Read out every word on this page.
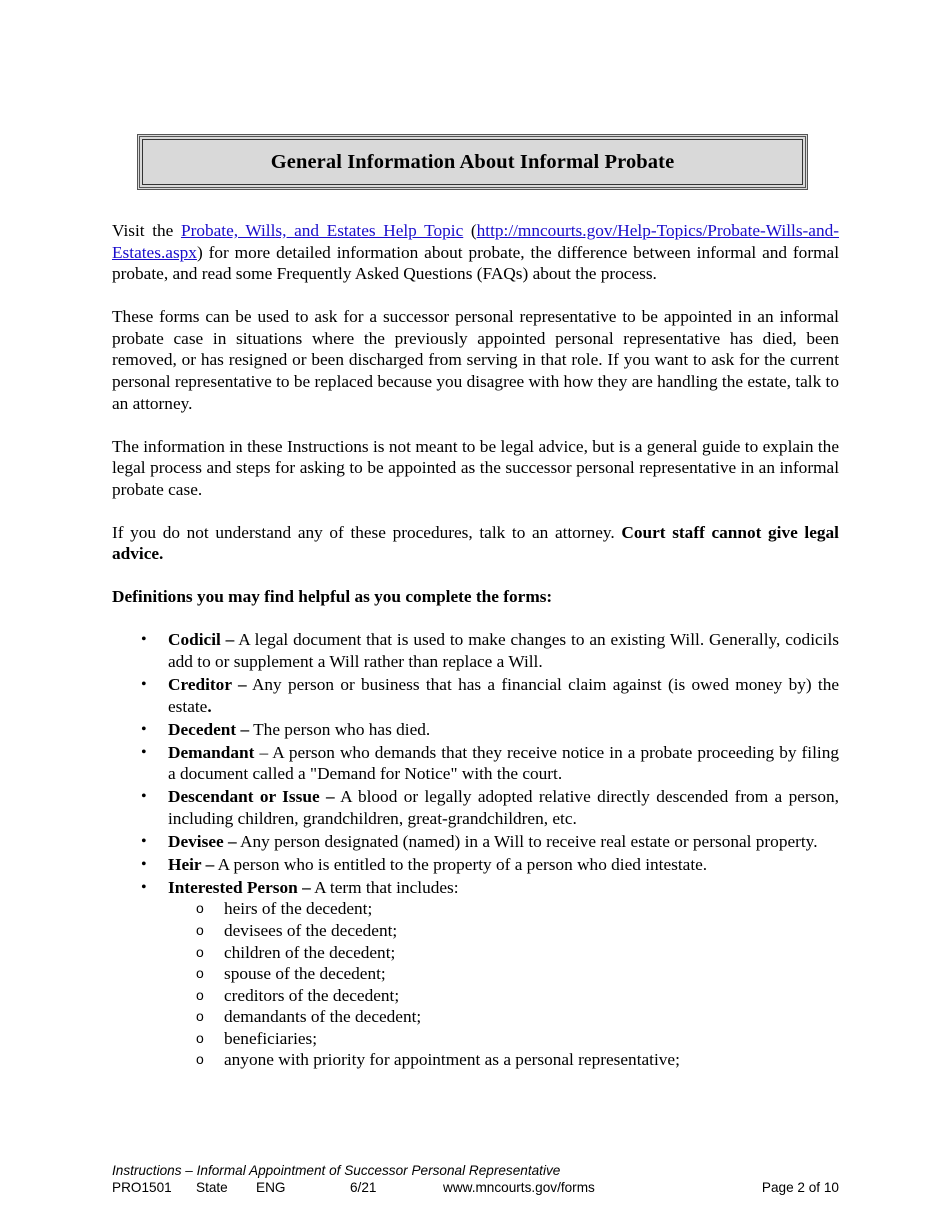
General Information About Informal Probate

Visit the Probate, Wills, and Estates Help Topic (http://mncourts.gov/Help-Topics/Probate-Wills-and-Estates.aspx) for more detailed information about probate, the difference between informal and formal probate, and read some Frequently Asked Questions (FAQs) about the process.

These forms can be used to ask for a successor personal representative to be appointed in an informal probate case in situations where the previously appointed personal representative has died, been removed, or has resigned or been discharged from serving in that role. If you want to ask for the current personal representative to be replaced because you disagree with how they are handling the estate, talk to an attorney.

The information in these Instructions is not meant to be legal advice, but is a general guide to explain the legal process and steps for asking to be appointed as the successor personal representative in an informal probate case.

If you do not understand any of these procedures, talk to an attorney. Court staff cannot give legal advice.

Definitions you may find helpful as you complete the forms:

• Codicil – A legal document that is used to make changes to an existing Will. Generally, codicils add to or supplement a Will rather than replace a Will.
• Creditor – Any person or business that has a financial claim against (is owed money by) the estate.
• Decedent – The person who has died.
• Demandant – A person who demands that they receive notice in a probate proceeding by filing a document called a "Demand for Notice" with the court.
• Descendant or Issue – A blood or legally adopted relative directly descended from a person, including children, grandchildren, great-grandchildren, etc.
• Devisee – Any person designated (named) in a Will to receive real estate or personal property.
• Heir – A person who is entitled to the property of a person who died intestate.
• Interested Person – A term that includes:
o heirs of the decedent;
o devisees of the decedent;
o children of the decedent;
o spouse of the decedent;
o creditors of the decedent;
o demandants of the decedent;
o beneficiaries;
o anyone with priority for appointment as a personal representative;
Instructions – Informal Appointment of Successor Personal Representative
PRO1501 State ENG	6/21	www.mncourts.gov/forms	Page 2 of 10
